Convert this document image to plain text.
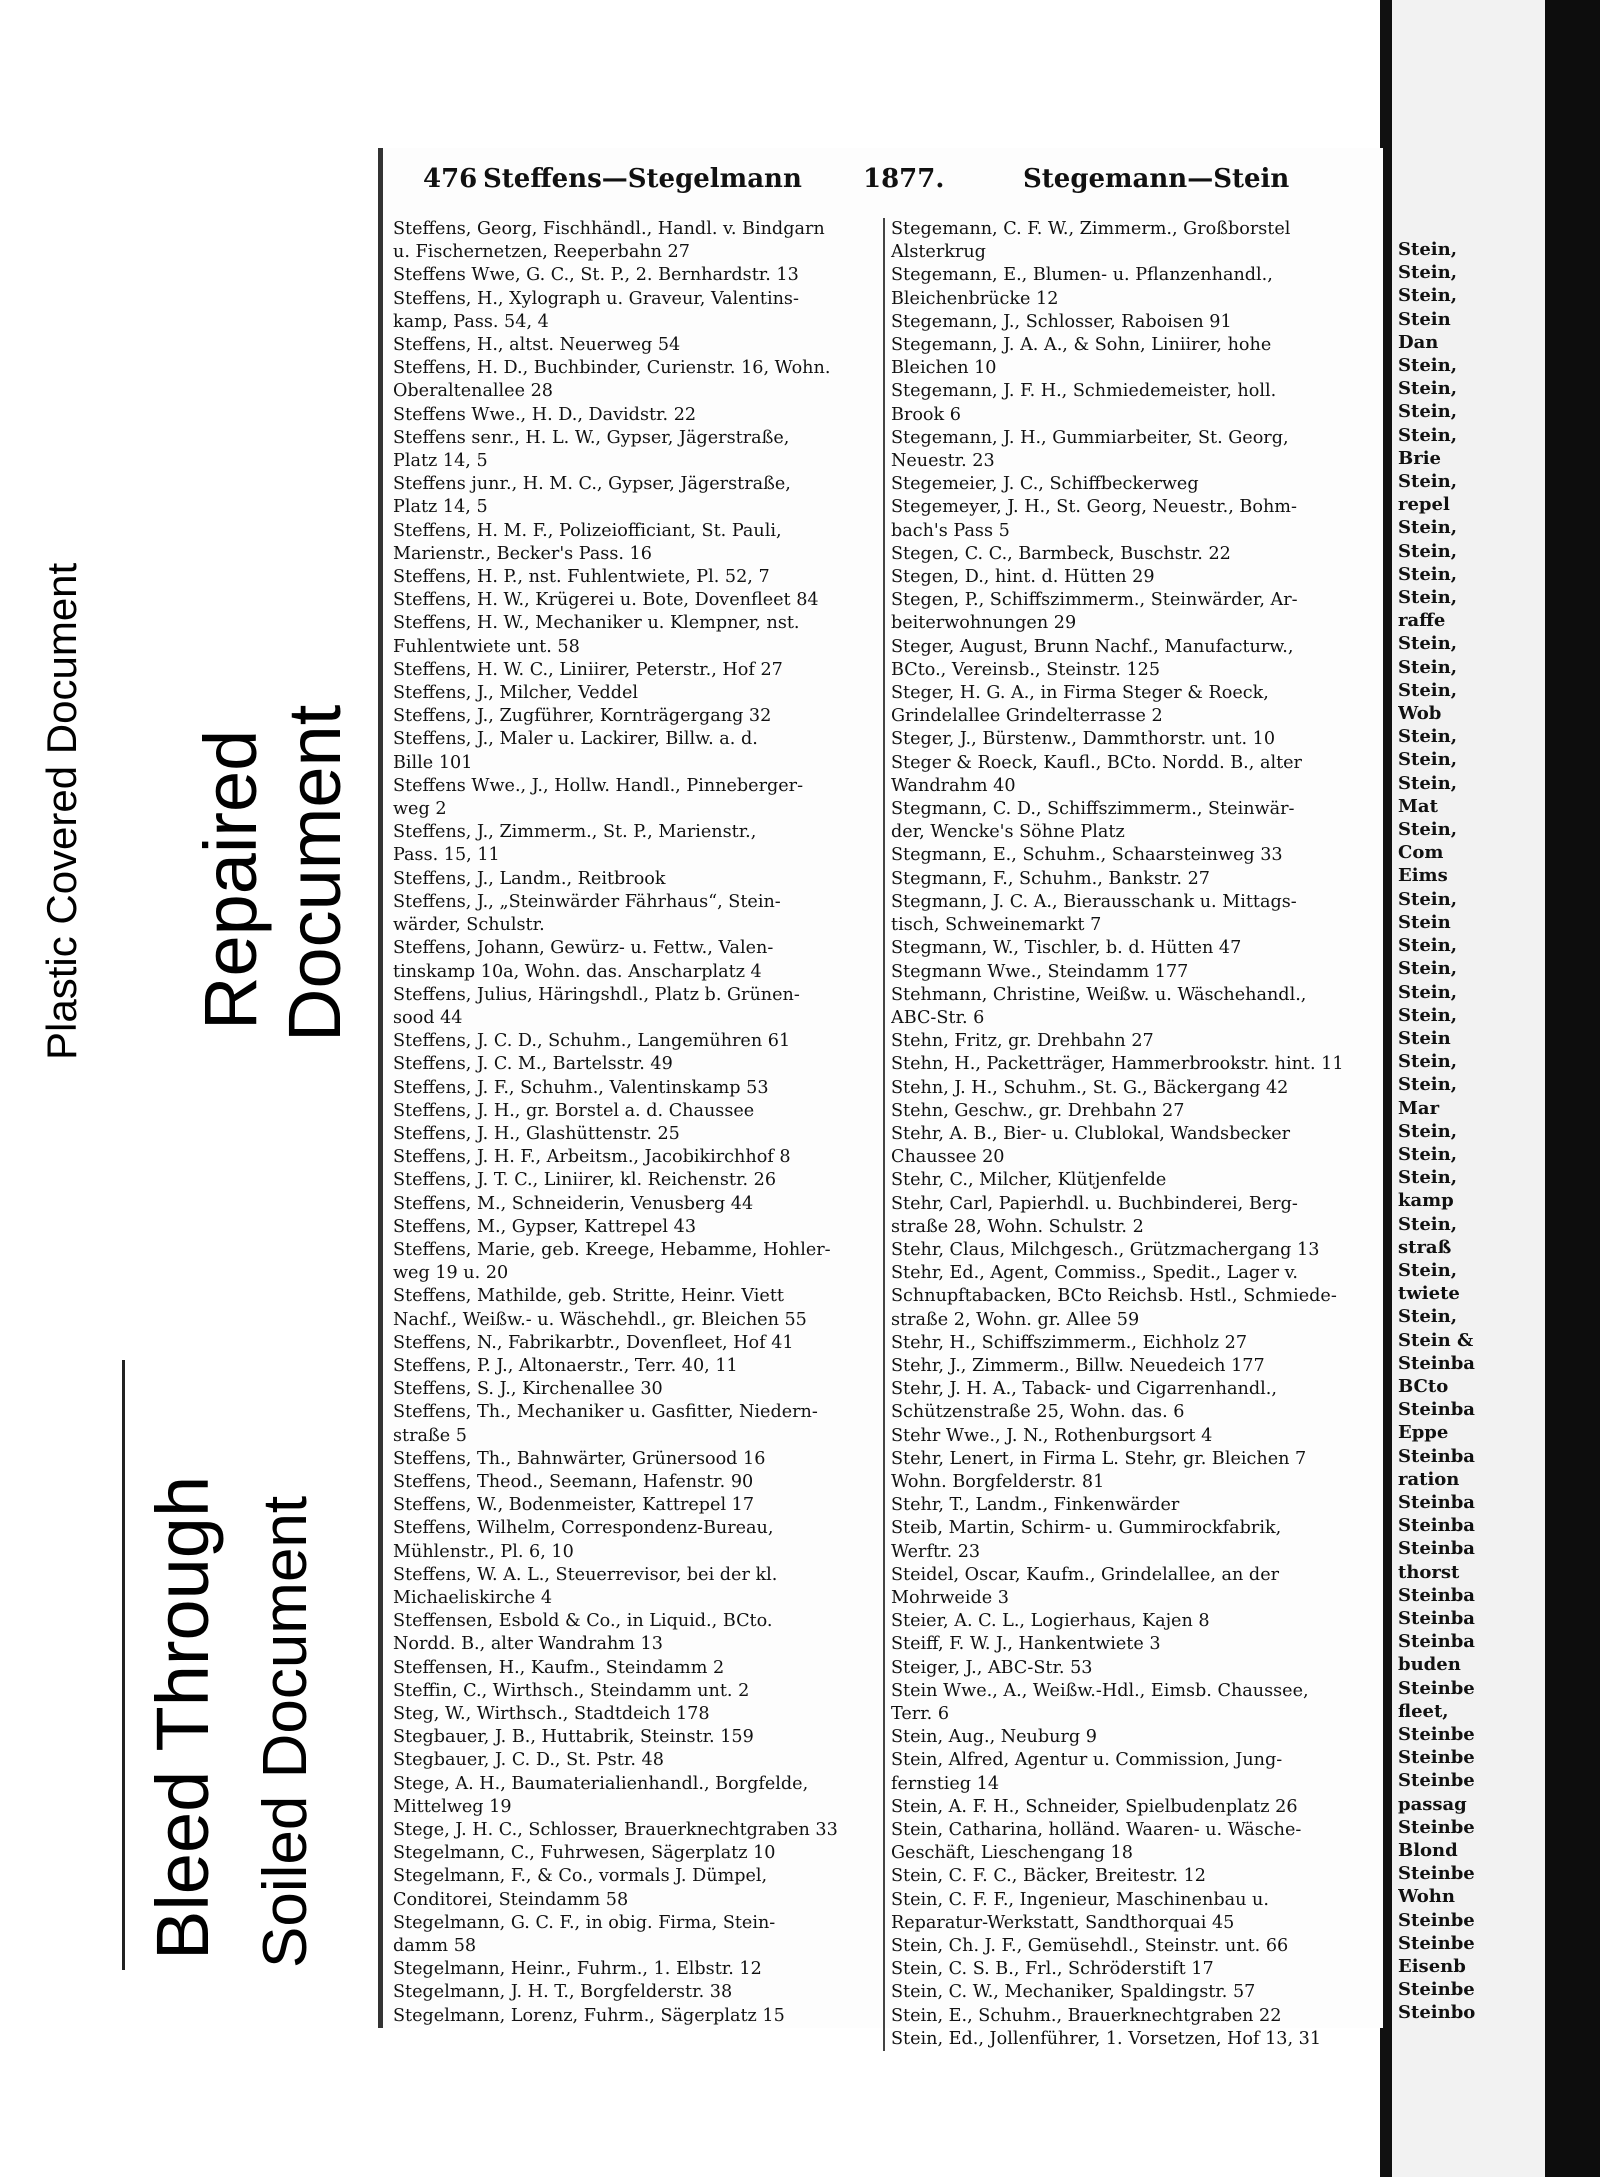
Plastic Covered Document Repaired Document
Bleed Through Soiled Document
476 Steffens—Stegelmann 1877.	Stegemann—Stein
Steffens, Georg, Fischhändl., Handl. v. Bindgarn
u. Fischernetzen, Reeperbahn 27
Steffens Wwe, G. C., St. P., 2. Bernhardstr. 13
Steffens, H., Xylograph u. Graveur, Valentins-
kamp, Pass. 54, 4
Steffens, H., altst. Neuerweg 54
Steffens, H. D., Buchbinder, Curienstr. 16, Wohn.
Oberaltenallee 28
Steffens Wwe., H. D., Davidstr. 22
Steffens senr., H. L. W., Gypser, Jägerstraße,
Platz 14, 5
Steffens junr., H. M. C., Gypser, Jägerstraße,
Platz 14, 5
Steffens, H. M. F., Polizeiofficiant, St. Pauli,
Marienstr., Becker's Pass. 16
Steffens, H. P., nst. Fuhlentwiete, Pl. 52, 7
Steffens, H. W., Krügerei u. Bote, Dovenfleet 84
Steffens, H. W., Mechaniker u. Klempner, nst.
Fuhlentwiete unt. 58
Steffens, H. W. C., Liniirer, Peterstr., Hof 27
Steffens, J., Milcher, Veddel
Steffens, J., Zugführer, Kornträgergang 32
Steffens, J., Maler u. Lackirer, Billw. a. d.
Bille 101
Steffens Wwe., J., Hollw. Handl., Pinneberger-
weg 2
Steffens, J., Zimmerm., St. P., Marienstr.,
Pass. 15, 11
Steffens, J., Landm., Reitbrook
Steffens, J., „Steinwärder Fährhaus“, Stein-
wärder, Schulstr.
Steffens, Johann, Gewürz- u. Fettw., Valen-
tinskamp 10a, Wohn. das. Anscharplatz 4
Steffens, Julius, Häringshdl., Platz b. Grünen-
sood 44
Steffens, J. C. D., Schuhm., Langemühren 61
Steffens, J. C. M., Bartelsstr. 49
Steffens, J. F., Schuhm., Valentinskamp 53
Steffens, J. H., gr. Borstel a. d. Chaussee
Steffens, J. H., Glashüttenstr. 25
Steffens, J. H. F., Arbeitsm., Jacobikirchhof 8
Steffens, J. T. C., Liniirer, kl. Reichenstr. 26
Steffens, M., Schneiderin, Venusberg 44
Steffens, M., Gypser, Kattrepel 43
Steffens, Marie, geb. Kreege, Hebamme, Hohler-
weg 19 u. 20
Steffens, Mathilde, geb. Stritte, Heinr. Viett
Nachf., Weißw.- u. Wäschehdl., gr. Bleichen 55
Steffens, N., Fabrikarbtr., Dovenfleet, Hof 41
Steffens, P. J., Altonaerstr., Terr. 40, 11
Steffens, S. J., Kirchenallee 30
Steffens, Th., Mechaniker u. Gasfitter, Niedern-
straße 5
Steffens, Th., Bahnwärter, Grünersood 16
Steffens, Theod., Seemann, Hafenstr. 90
Steffens, W., Bodenmeister, Kattrepel 17
Steffens, Wilhelm, Correspondenz-Bureau,
Mühlenstr., Pl. 6, 10
Steffens, W. A. L., Steuerrevisor, bei der kl.
Michaeliskirche 4
Steffensen, Esbold & Co., in Liquid., BCto.
Nordd. B., alter Wandrahm 13
Steffensen, H., Kaufm., Steindamm 2
Steffin, C., Wirthsch., Steindamm unt. 2
Steg, W., Wirthsch., Stadtdeich 178
Stegbauer, J. B., Huttabrik, Steinstr. 159
Stegbauer, J. C. D., St. Pstr. 48
Stege, A. H., Baumaterialienhandl., Borgfelde,
Mittelweg 19
Stege, J. H. C., Schlosser, Brauerknechtgraben 33
Stegelmann, C., Fuhrwesen, Sägerplatz 10
Stegelmann, F., & Co., vormals J. Dümpel,
Conditorei, Steindamm 58
Stegelmann, G. C. F., in obig. Firma, Stein-
damm 58
Stegelmann, Heinr., Fuhrm., 1. Elbstr. 12
Stegelmann, J. H. T., Borgfelderstr. 38
Stegelmann, Lorenz, Fuhrm., Sägerplatz 15
Stegemann, C. F. W., Zimmerm., Großborstel
Alsterkrug
Stegemann, E., Blumen- u. Pflanzenhandl.,
Bleichenbrücke 12
Stegemann, J., Schlosser, Raboisen 91
Stegemann, J. A. A., & Sohn, Liniirer, hohe
Bleichen 10
Stegemann, J. F. H., Schmiedemeister, holl.
Brook 6
Stegemann, J. H., Gummiarbeiter, St. Georg,
Neuestr. 23
Stegemeier, J. C., Schiffbeckerweg
Stegemeyer, J. H., St. Georg, Neuestr., Bohm-
bach's Pass 5
Stegen, C. C., Barmbeck, Buschstr. 22
Stegen, D., hint. d. Hütten 29
Stegen, P., Schiffszimmerm., Steinwärder, Ar-
beiterwohnungen 29
Steger, August, Brunn Nachf., Manufacturw.,
BCto., Vereinsb., Steinstr. 125
Steger, H. G. A., in Firma Steger & Roeck,
Grindelallee Grindelterrasse 2
Steger, J., Bürstenw., Dammthorstr. unt. 10
Steger & Roeck, Kaufl., BCto. Nordd. B., alter
Wandrahm 40
Stegmann, C. D., Schiffszimmerm., Steinwär-
der, Wencke's Söhne Platz
Stegmann, E., Schuhm., Schaarsteinweg 33
Stegmann, F., Schuhm., Bankstr. 27
Stegmann, J. C. A., Bierausschank u. Mittags-
tisch, Schweinemarkt 7
Stegmann, W., Tischler, b. d. Hütten 47
Stegmann Wwe., Steindamm 177
Stehmann, Christine, Weißw. u. Wäschehandl.,
ABC-Str. 6
Stehn, Fritz, gr. Drehbahn 27
Stehn, H., Packetträger, Hammerbrookstr. hint. 11
Stehn, J. H., Schuhm., St. G., Bäckergang 42
Stehn, Geschw., gr. Drehbahn 27
Stehr, A. B., Bier- u. Clublokal, Wandsbecker
Chaussee 20
Stehr, C., Milcher, Klütjenfelde
Stehr, Carl, Papierhdl. u. Buchbinderei, Berg-
straße 28, Wohn. Schulstr. 2
Stehr, Claus, Milchgesch., Grützmachergang 13
Stehr, Ed., Agent, Commiss., Spedit., Lager v.
Schnupftabacken, BCto Reichsb. Hstl., Schmiede-
straße 2, Wohn. gr. Allee 59
Stehr, H., Schiffszimmerm., Eichholz 27
Stehr, J., Zimmerm., Billw. Neuedeich 177
Stehr, J. H. A., Taback- und Cigarrenhandl.,
Schützenstraße 25, Wohn. das. 6
Stehr Wwe., J. N., Rothenburgsort 4
Stehr, Lenert, in Firma L. Stehr, gr. Bleichen 7
Wohn. Borgfelderstr. 81
Stehr, T., Landm., Finkenwärder
Steib, Martin, Schirm- u. Gummirockfabrik,
Werftr. 23
Steidel, Oscar, Kaufm., Grindelallee, an der
Mohrweide 3
Steier, A. C. L., Logierhaus, Kajen 8
Steiff, F. W. J., Hankentwiete 3
Steiger, J., ABC-Str. 53
Stein Wwe., A., Weißw.-Hdl., Eimsb. Chaussee,
Terr. 6
Stein, Aug., Neuburg 9
Stein, Alfred, Agentur u. Commission, Jung-
fernstieg 14
Stein, A. F. H., Schneider, Spielbudenplatz 26
Stein, Catharina, holländ. Waaren- u. Wäsche-
Geschäft, Lieschengang 18
Stein, C. F. C., Bäcker, Breitestr. 12
Stein, C. F. F., Ingenieur, Maschinenbau u.
Reparatur-Werkstatt, Sandthorquai 45
Stein, Ch. J. F., Gemüsehdl., Steinstr. unt. 66
Stein, C. S. B., Frl., Schröderstift 17
Stein, C. W., Mechaniker, Spaldingstr. 57
Stein, E., Schuhm., Brauerknechtgraben 22
Stein, Ed., Jollenführer, 1. Vorsetzen, Hof 13, 31
Stein,
Stein,
Stein,
Stein
Dan
Stein,
Stein,
Stein,
Stein,
Brie
Stein,
repel
Stein,
Stein,
Stein,
Stein,
raffe
Stein,
Stein,
Stein,
Wob
Stein,
Stein,
Stein,
Mat
Stein,
Com
Eims
Stein,
Stein
Stein,
Stein,
Stein,
Stein,
Stein
Stein,
Stein,
Mar
Stein,
Stein,
Stein,
kamp
Stein,
straß
Stein,
twiete
Stein,
Stein &
Steinba
BCto
Steinba
Eppe
Steinba
ration
Steinba
Steinba
Steinba
thorst
Steinba
Steinba
Steinba
buden
Steinbe
fleet,
Steinbe
Steinbe
Steinbe
passag
Steinbe
Blond
Steinbe
Wohn
Steinbe
Steinbe
Eisenb
Steinbe
Steinbo
